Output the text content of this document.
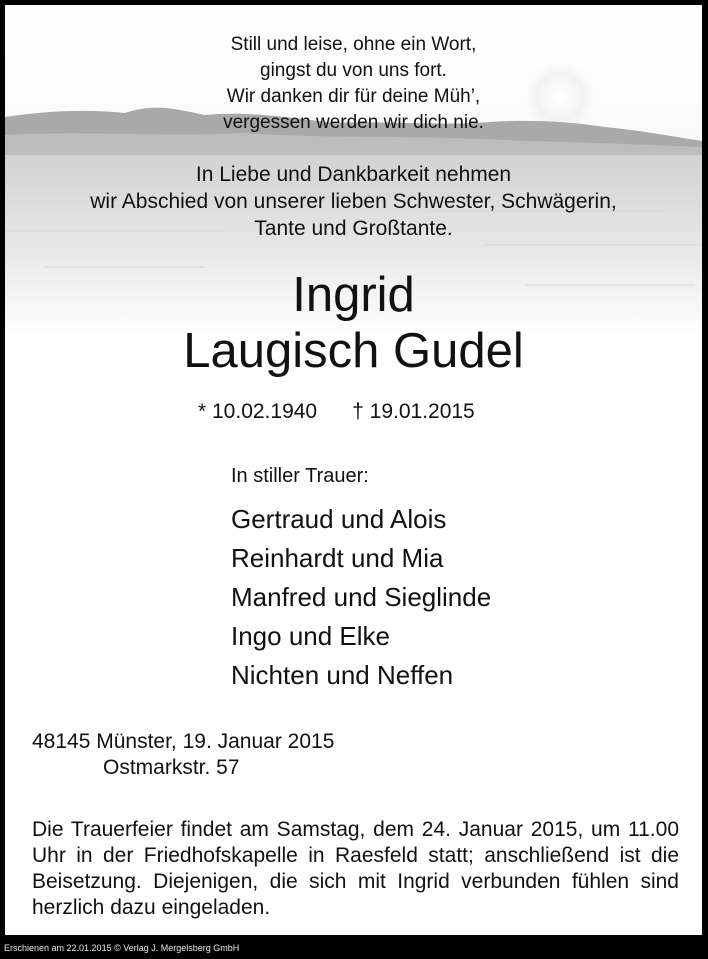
Still und leise, ohne ein Wort,
gingst du von uns fort.
Wir danken dir für deine Müh’,
vergessen werden wir dich nie.
In Liebe und Dankbarkeit nehmen
wir Abschied von unserer lieben Schwester, Schwägerin,
Tante und Großtante.
Ingrid
Laugisch Gudel
* 10.02.1940 † 19.01.2015
In stiller Trauer:
Gertraud und Alois
Reinhardt und Mia
Manfred und Sieglinde
Ingo und Elke
Nichten und Neffen
48145 Münster, 19. Januar 2015
Ostmarkstr. 57
Die Trauerfeier findet am Samstag, dem 24. Januar 2015, um 11.00 Uhr in der Friedhofskapelle in Raesfeld statt; anschließend ist die Beisetzung. Diejenigen, die sich mit Ingrid verbunden fühlen sind herzlich dazu eingeladen.
Erschienen am 22.01.2015 © Verlag J. Mergelsberg GmbH
